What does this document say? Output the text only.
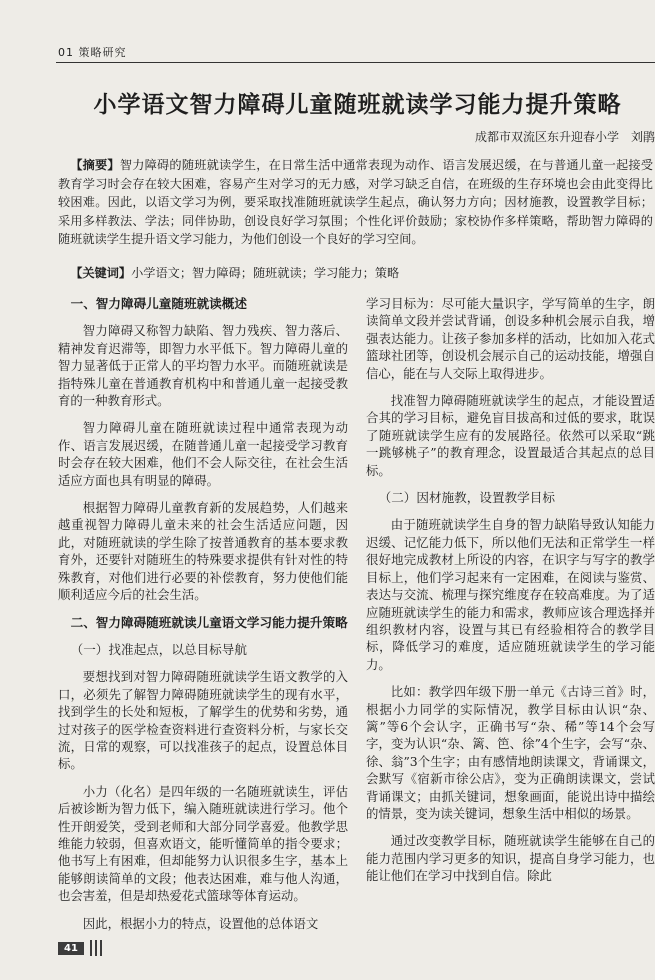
01 策略研究
小学语文智力障碍儿童随班就读学习能力提升策略
成都市双流区东升迎春小学　刘鹃
【摘要】智力障碍的随班就读学生，在日常生活中通常表现为动作、语言发展迟缓，在与普通儿童一起接受教育学习时会存在较大困难，容易产生对学习的无力感，对学习缺乏自信，在班级的生存环境也会由此变得比较困难。因此，以语文学习为例，要采取找准随班就读学生起点，确认努力方向；因材施教，设置教学目标；采用多样教法、学法；同伴协助，创设良好学习氛围；个性化评价鼓励；家校协作多样策略，帮助智力障碍的随班就读学生提升语文学习能力，为他们创设一个良好的学习空间。
【关键词】小学语文；智力障碍；随班就读；学习能力；策略
一、智力障碍儿童随班就读概述

智力障碍又称智力缺陷、智力残疾、智力落后、精神发育迟滞等，即智力水平低下。智力障碍儿童的智力显著低于正常人的平均智力水平。而随班就读是指特殊儿童在普通教育机构中和普通儿童一起接受教育的一种教育形式。

智力障碍儿童在随班就读过程中通常表现为动作、语言发展迟缓，在随普通儿童一起接受学习教育时会存在较大困难，他们不会人际交往，在社会生活适应方面也具有明显的障碍。

根据智力障碍儿童教育新的发展趋势，人们越来越重视智力障碍儿童未来的社会生活适应问题，因此，对随班就读的学生除了按普通教育的基本要求教育外，还要针对随班生的特殊要求提供有针对性的特殊教育，对他们进行必要的补偿教育，努力使他们能顺利适应今后的社会生活。

二、智力障碍随班就读儿童语文学习能力提升策略
（一）找准起点，以总目标导航

要想找到对智力障碍随班就读学生语文教学的入口，必须先了解智力障碍随班就读学生的现有水平，找到学生的长处和短板，了解学生的优势和劣势，通过对孩子的医学检查资料进行查资料分析，与家长交流，日常的观察，可以找准孩子的起点，设置总体目标。

小力（化名）是四年级的一名随班就读生，评估后被诊断为智力低下，编入随班就读进行学习。他个性开朗爱笑，受到老师和大部分同学喜爱。他教学思维能力较弱，但喜欢语文，能听懂简单的指令要求；他书写上有困难，但却能努力认识很多生字，基本上能够朗读简单的文段；他表达困难，难与他人沟通，也会害羞，但是却热爱花式篮球等体育运动。

因此，根据小力的特点，设置他的总体语文

学习目标为：尽可能大量识字，学写简单的生字，朗读简单文段并尝试背诵，创设多种机会展示自我，增强表达能力。让孩子参加多样的活动，比如加入花式篮球社团等，创设机会展示自己的运动技能，增强自信心，能在与人交际上取得进步。

找准智力障碍随班就读学生的起点，才能设置适合其的学习目标，避免盲目拔高和过低的要求，耽误了随班就读学生应有的发展路径。依然可以采取“跳一跳够桃子”的教育理念，设置最适合其起点的总目标。

（二）因材施教，设置教学目标

由于随班就读学生自身的智力缺陷导致认知能力迟缓、记忆能力低下，所以他们无法和正常学生一样很好地完成教材上所设的内容，在识字与写字的教学目标上，他们学习起来有一定困难，在阅读与鉴赏、表达与交流、梳理与探究维度存在较高难度。为了适应随班就读学生的能力和需求，教师应该合理选择并组织教材内容，设置与其已有经验相符合的教学目标，降低学习的难度，适应随班就读学生的学习能力。

比如：教学四年级下册一单元《古诗三首》时，根据小力同学的实际情况，教学目标由认识“杂、篱”等6个会认字，正确书写“杂、稀”等14个会写字，变为认识“杂、篱、笆、徐”4个生字，会写“杂、徐、翁”3个生字；由有感情地朗读课文，背诵课文，会默写《宿新市徐公店》，变为正确朗读课文，尝试背诵课文；由抓关键词，想象画面，能说出诗中描绘的情景，变为读关键词，想象生活中相似的场景。

通过改变教学目标，随班就读学生能够在自己的能力范围内学习更多的知识，提高自身学习能力，也能让他们在学习中找到自信。除此

41
